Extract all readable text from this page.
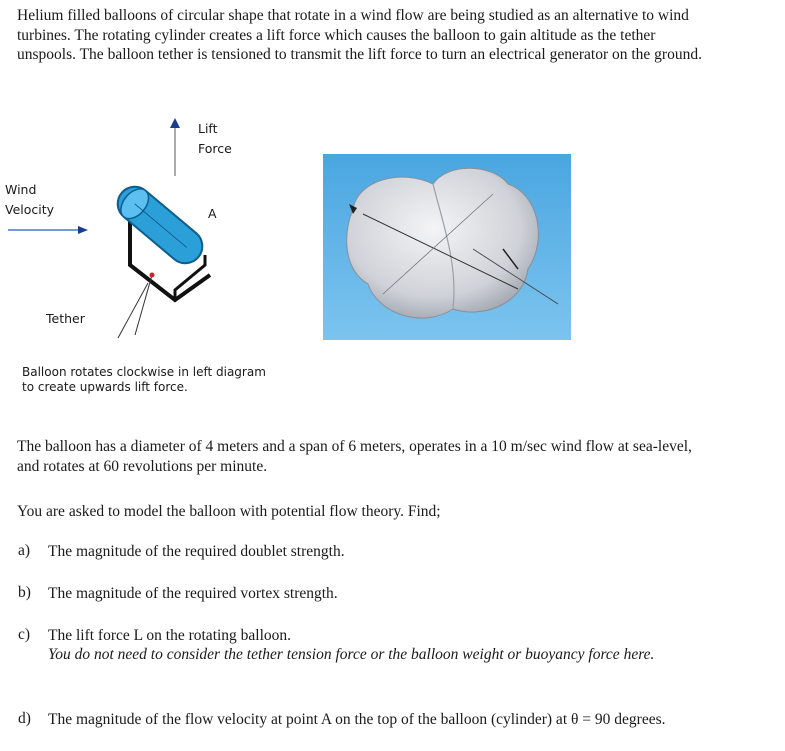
Helium filled balloons of circular shape that rotate in a wind flow are being studied as an alternative to wind turbines. The rotating cylinder creates a lift force which causes the balloon to gain altitude as the tether unspools. The balloon tether is tensioned to transmit the lift force to turn an electrical generator on the ground.
Lift
Force
Wind
Velocity	A
Tether
Balloon rotates clockwise in left diagram
to create upwards lift force.
The balloon has a diameter of 4 meters and a span of 6 meters, operates in a 10 m/sec wind flow at sea-level, and rotates at 60 revolutions per minute.
You are asked to model the balloon with potential flow theory. Find;
a) The magnitude of the required doublet strength.
b) The magnitude of the required vortex strength.
c) The lift force L on the rotating balloon.
You do not need to consider the tether tension force or the balloon weight or buoyancy force here.
d) The magnitude of the flow velocity at point A on the top of the balloon (cylinder) at θ = 90 degrees.
